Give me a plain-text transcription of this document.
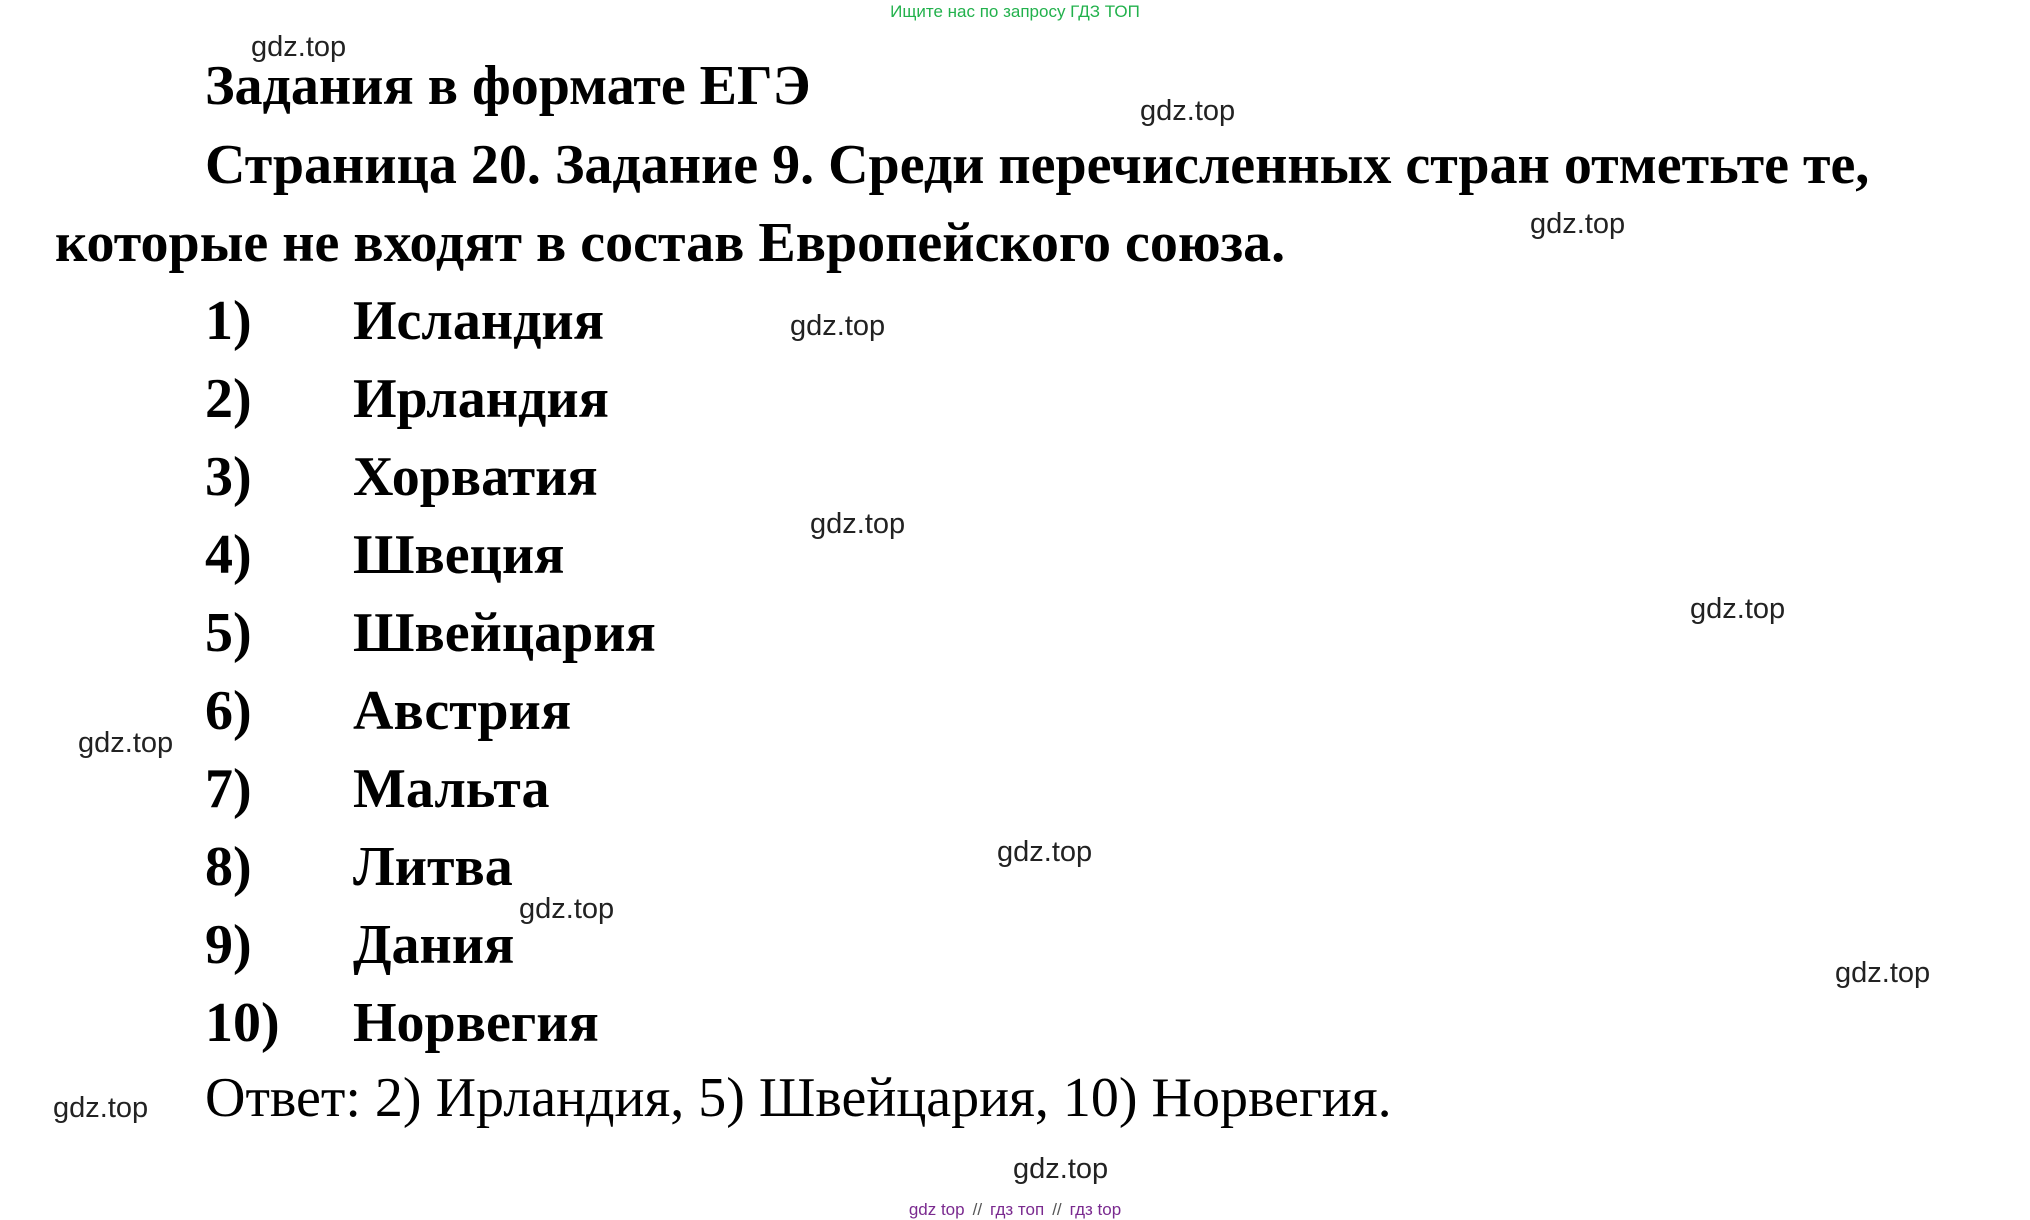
Ищите нас по запросу ГДЗ ТОП
Задания в формате ЕГЭ
Страница 20. Задание 9. Среди перечисленных стран отметьте те,
которые не входят в состав Европейского союза.
1) Исландия
2) Ирландия
3) Хорватия
4) Швеция
5) Швейцария
6) Австрия
7) Мальта
8) Литва
9) Дания
10) Норвегия
Ответ: 2) Ирландия, 5) Швейцария, 10) Норвегия.
gdz.top
gdz.top
gdz.top
gdz.top
gdz.top
gdz.top
gdz.top
gdz.top
gdz.top
gdz.top
gdz.top
gdz.top
gdz top // гдз топ // гдз top
